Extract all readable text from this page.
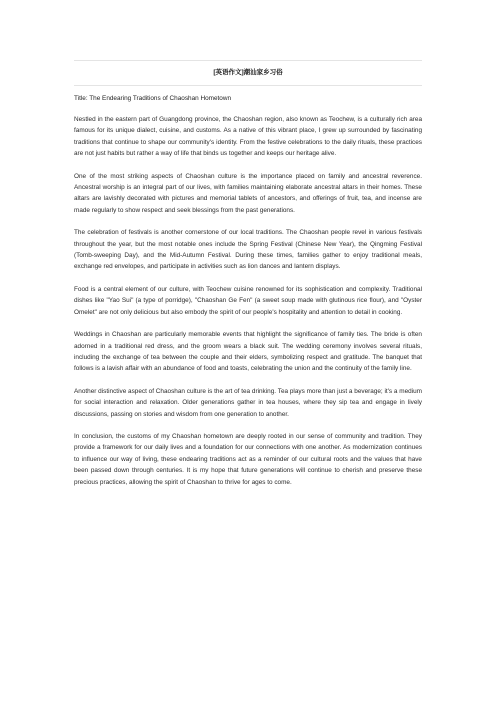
[英语作文]潮汕家乡习俗

Title: The Endearing Traditions of Chaoshan Hometown

Nestled in the eastern part of Guangdong province, the Chaoshan region, also known as Teochew, is a culturally rich area famous for its unique dialect, cuisine, and customs. As a native of this vibrant place, I grew up surrounded by fascinating traditions that continue to shape our community's identity. From the festive celebrations to the daily rituals, these practices are not just habits but rather a way of life that binds us together and keeps our heritage alive.

One of the most striking aspects of Chaoshan culture is the importance placed on family and ancestral reverence. Ancestral worship is an integral part of our lives, with families maintaining elaborate ancestral altars in their homes. These altars are lavishly decorated with pictures and memorial tablets of ancestors, and offerings of fruit, tea, and incense are made regularly to show respect and seek blessings from the past generations.

The celebration of festivals is another cornerstone of our local traditions. The Chaoshan people revel in various festivals throughout the year, but the most notable ones include the Spring Festival (Chinese New Year), the Qingming Festival (Tomb-sweeping Day), and the Mid-Autumn Festival. During these times, families gather to enjoy traditional meals, exchange red envelopes, and participate in activities such as lion dances and lantern displays.

Food is a central element of our culture, with Teochew cuisine renowned for its sophistication and complexity. Traditional dishes like "Yao Sui" (a type of porridge), "Chaoshan Ge Fen" (a sweet soup made with glutinous rice flour), and "Oyster Omelet" are not only delicious but also embody the spirit of our people's hospitality and attention to detail in cooking.

Weddings in Chaoshan are particularly memorable events that highlight the significance of family ties. The bride is often adorned in a traditional red dress, and the groom wears a black suit. The wedding ceremony involves several rituals, including the exchange of tea between the couple and their elders, symbolizing respect and gratitude. The banquet that follows is a lavish affair with an abundance of food and toasts, celebrating the union and the continuity of the family line.

Another distinctive aspect of Chaoshan culture is the art of tea drinking. Tea plays more than just a beverage; it's a medium for social interaction and relaxation. Older generations gather in tea houses, where they sip tea and engage in lively discussions, passing on stories and wisdom from one generation to another.

In conclusion, the customs of my Chaoshan hometown are deeply rooted in our sense of community and tradition. They provide a framework for our daily lives and a foundation for our connections with one another. As modernization continues to influence our way of living, these endearing traditions act as a reminder of our cultural roots and the values that have been passed down through centuries. It is my hope that future generations will continue to cherish and preserve these precious practices, allowing the spirit of Chaoshan to thrive for ages to come.
